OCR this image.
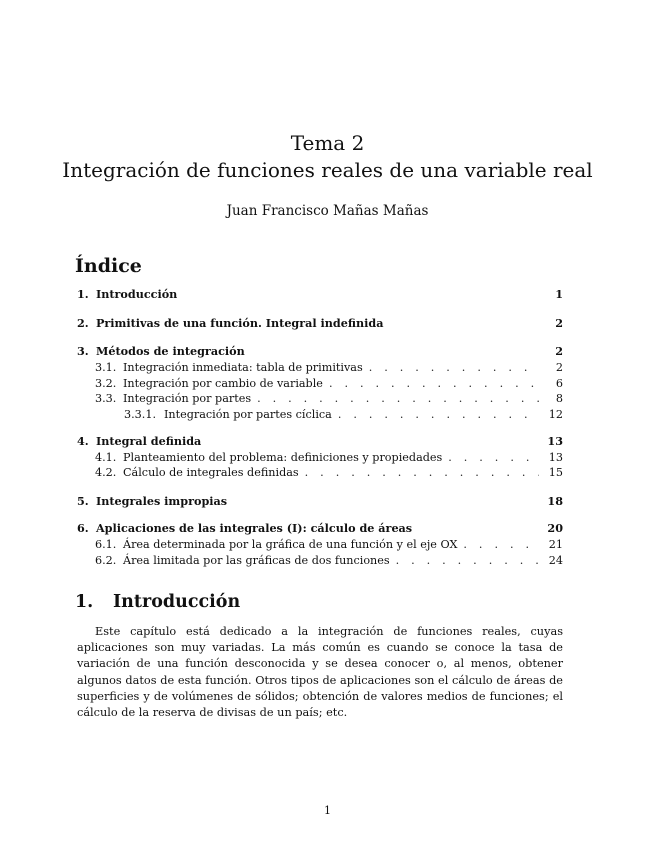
Tema 2
Integración de funciones reales de una variable real
Juan Francisco Mañas Mañas
Índice
1. Introducción	1
2. Primitivas de una función. Integral indefinida	2
3. Métodos de integración	2
3.1. Integración inmediata: tabla de primitivas . . .	2
3.2. Integración por cambio de variable . . .	6
3.3. Integración por partes . . .	8
3.3.1. Integración por partes cíclica . . .	12
4. Integral definida	13
4.1. Planteamiento del problema: definiciones y propiedades . . .	13
4.2. Cálculo de integrales definidas . . .	15
5. Integrales impropias	18
6. Aplicaciones de las integrales (I): cálculo de áreas	20
6.1. Área determinada por la gráfica de una función y el eje OX . . .	21
6.2. Área limitada por las gráficas de dos funciones . . .	24
1. Introducción

Este capítulo está dedicado a la integración de funciones reales, cuyas aplicaciones son muy variadas. La más común es cuando se conoce la tasa de variación de una función desconocida y se desea conocer o, al menos, obtener algunos datos de esta función. Otros tipos de aplicaciones son el cálculo de áreas de superficies y de volúmenes de sólidos; obtención de valores medios de funciones; el cálculo de la reserva de divisas de un país; etc.

1
